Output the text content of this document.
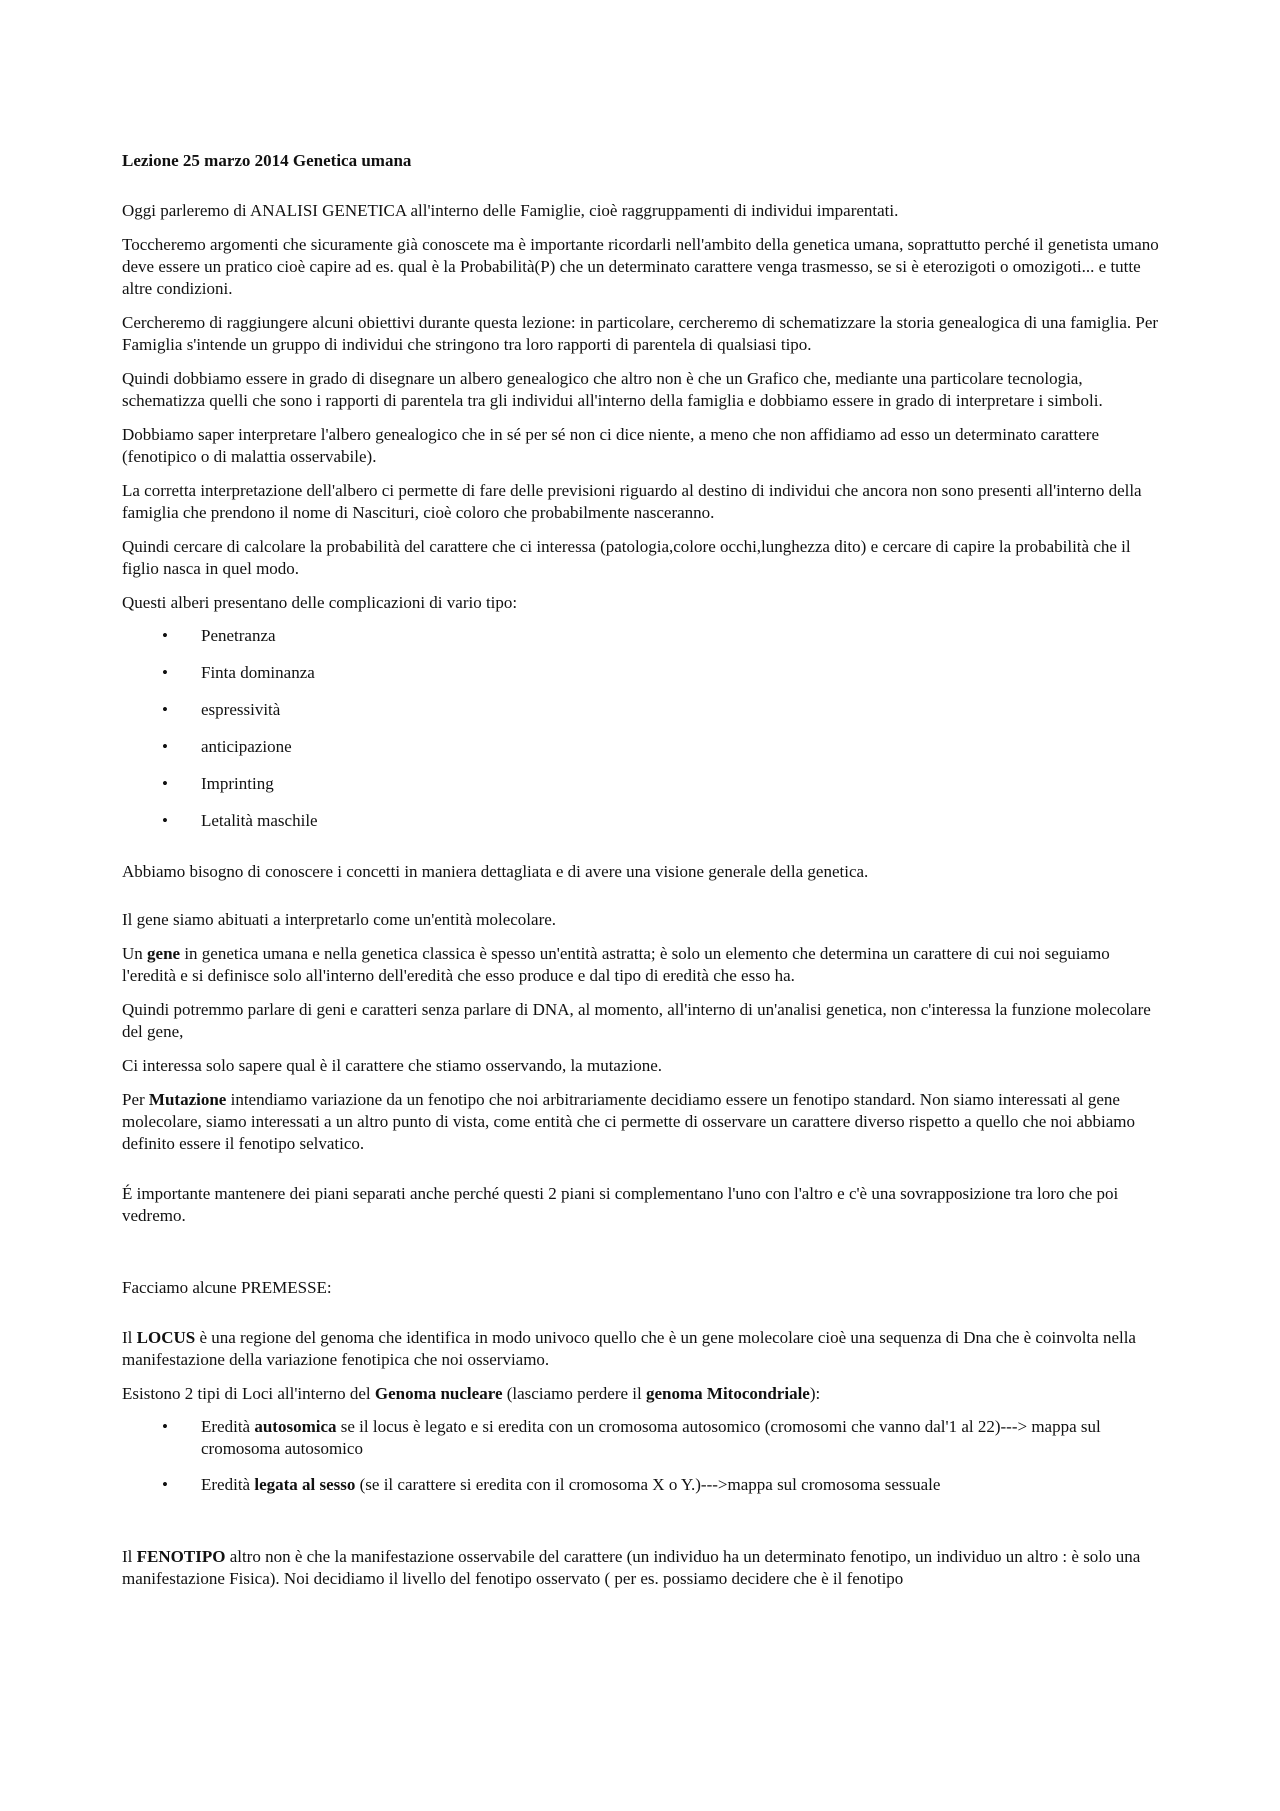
Lezione 25 marzo 2014 Genetica umana

Oggi parleremo di ANALISI GENETICA all'interno delle Famiglie, cioè raggruppamenti di individui imparentati.

Toccheremo argomenti che sicuramente già conoscete ma è importante ricordarli nell'ambito della genetica umana, soprattutto perché il genetista umano deve essere un pratico cioè capire ad es. qual è la Probabilità(P) che un determinato carattere venga trasmesso, se si è eterozigoti o omozigoti... e tutte altre condizioni.

Cercheremo di raggiungere alcuni obiettivi durante questa lezione: in particolare, cercheremo di schematizzare la storia genealogica di una famiglia. Per Famiglia s'intende un gruppo di individui che stringono tra loro rapporti di parentela di qualsiasi tipo.

Quindi dobbiamo essere in grado di disegnare un albero genealogico che altro non è che un Grafico che, mediante una particolare tecnologia, schematizza quelli che sono i rapporti di parentela tra gli individui all'interno della famiglia e dobbiamo essere in grado di interpretare i simboli.

Dobbiamo saper interpretare l'albero genealogico che in sé per sé non ci dice niente, a meno che non affidiamo ad esso un determinato carattere (fenotipico o di malattia osservabile).

La corretta interpretazione dell'albero ci permette di fare delle previsioni riguardo al destino di individui che ancora non sono presenti all'interno della famiglia che prendono il nome di Nascituri, cioè coloro che probabilmente nasceranno.

Quindi cercare di calcolare la probabilità del carattere che ci interessa (patologia,colore occhi,lunghezza dito) e cercare di capire la probabilità che il figlio nasca in quel modo.

Questi alberi presentano delle complicazioni di vario tipo:

• Penetranza
• Finta dominanza
• espressività
• anticipazione
• Imprinting
• Letalità maschile

Abbiamo bisogno di conoscere i concetti in maniera dettagliata e di avere una visione generale della genetica.

Il gene siamo abituati a interpretarlo come un'entità molecolare.

Un gene in genetica umana e nella genetica classica è spesso un'entità astratta; è solo un elemento che determina un carattere di cui noi seguiamo l'eredità e si definisce solo all'interno dell'eredità che esso produce e dal tipo di eredità che esso ha.

Quindi potremmo parlare di geni e caratteri senza parlare di DNA, al momento, all'interno di un'analisi genetica, non c'interessa la funzione molecolare del gene,

Ci interessa solo sapere qual è il carattere che stiamo osservando, la mutazione.

Per Mutazione intendiamo variazione da un fenotipo che noi arbitrariamente decidiamo essere un fenotipo standard. Non siamo interessati al gene molecolare, siamo interessati a un altro punto di vista, come entità che ci permette di osservare un carattere diverso rispetto a quello che noi abbiamo definito essere il fenotipo selvatico.

É importante mantenere dei piani separati anche perché questi 2 piani si complementano l'uno con l'altro e c'è una sovrapposizione tra loro che poi vedremo.

Facciamo alcune PREMESSE:

Il LOCUS è una regione del genoma che identifica in modo univoco quello che è un gene molecolare cioè una sequenza di Dna che è coinvolta nella manifestazione della variazione fenotipica che noi osserviamo.

Esistono 2 tipi di Loci all'interno del Genoma nucleare (lasciamo perdere il genoma Mitocondriale):

• Eredità autosomica se il locus è legato e si eredita con un cromosoma autosomico (cromosomi che vanno dal'1 al 22)---> mappa sul cromosoma autosomico
• Eredità legata al sesso (se il carattere si eredita con il cromosoma X o Y.)--->mappa sul cromosoma sessuale

Il FENOTIPO altro non è che la manifestazione osservabile del carattere (un individuo ha un determinato fenotipo, un individuo un altro : è solo una manifestazione Fisica). Noi decidiamo il livello del fenotipo osservato ( per es. possiamo decidere che è il fenotipo
